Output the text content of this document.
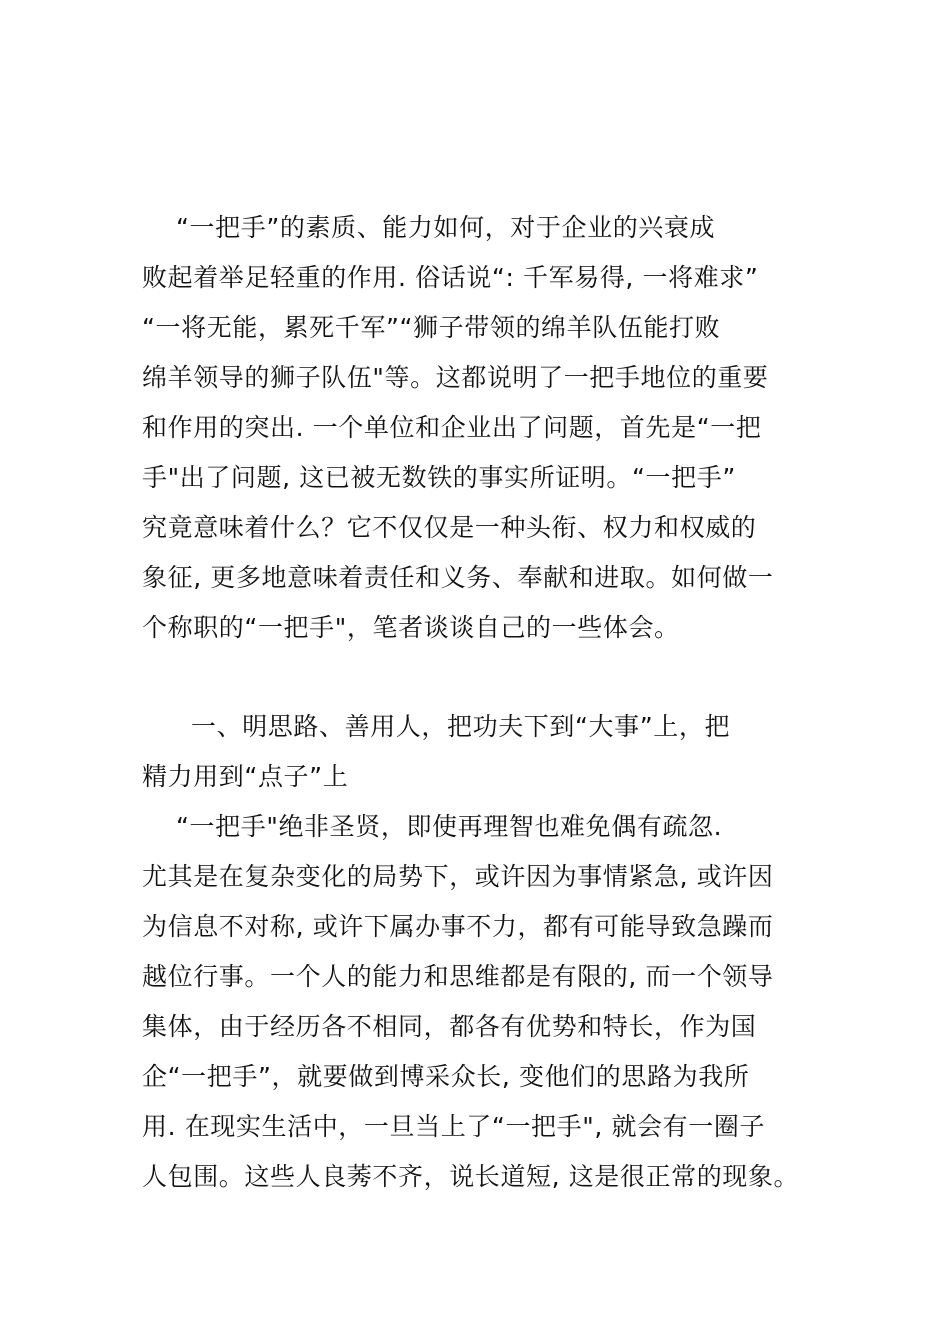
“一把手”的素质、能力如何，对于企业的兴衰成
败起着举足轻重的作用. 俗话说“: 千军易得, 一将难求”
“一将无能，累死千军”“狮子带领的绵羊队伍能打败
绵羊领导的狮子队伍"等。这都说明了一把手地位的重要
和作用的突出. 一个单位和企业出了问题，首先是“一把
手"出了问题, 这已被无数铁的事实所证明。“一把手”
究竟意味着什么？它不仅仅是一种头衔、权力和权威的
象征, 更多地意味着责任和义务、奉献和进取。如何做一
个称职的“一把手"，笔者谈谈自己的一些体会。
一、明思路、善用人，把功夫下到“大事”上，把
精力用到“点子”上
“一把手"绝非圣贤，即使再理智也难免偶有疏忽.
尤其是在复杂变化的局势下，或许因为事情紧急, 或许因
为信息不对称, 或许下属办事不力，都有可能导致急躁而
越位行事。一个人的能力和思维都是有限的, 而一个领导
集体，由于经历各不相同，都各有优势和特长，作为国
企“一把手”，就要做到博采众长, 变他们的思路为我所
用. 在现实生活中，一旦当上了“一把手", 就会有一圈子
人包围。这些人良莠不齐，说长道短, 这是很正常的现象。
